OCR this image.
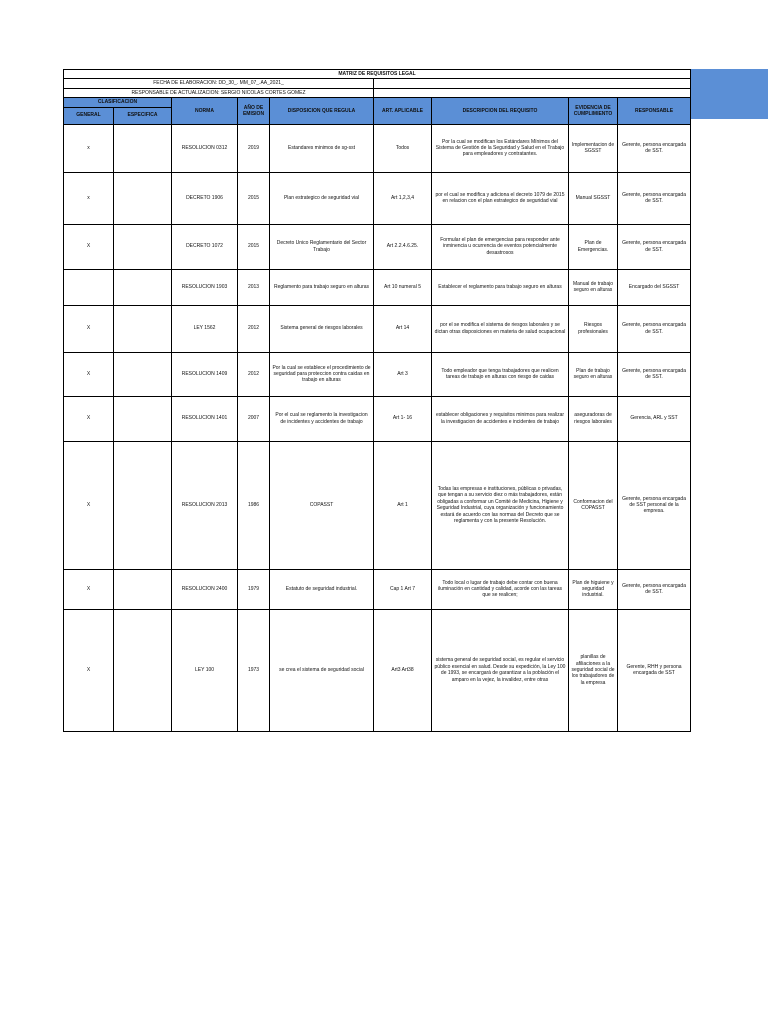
MATRIZ DE REQUISITOS LEGAL								
FECHA DE ELABORACION: DD_30_. MM_07_.AA_2021_								
RESPONSABLE DE ACTUALIZACION: SERGIO NICOLAS CORTES GOMEZ								
CLASIFICACION		NORMA	AÑO DE EMISION	DISPOSICION QUE REGULA	ART. APLICABLE	DESCRIPCION DEL REQUISITO	EVIDENCIA DE CUMPLIMIENTO	RESPONSABLE
GENERAL	ESPECIFICA							
x		RESOLUCION 0312	2019	Estandares minimos de sg-sst	Todos	Por la cual se modifican los Estándares Mínimos del Sistema de Gestión de la Seguridad y Salud en el Trabajo para empleadores y contratantes.	Implementacion de SGSST	Gerente, persona encargada de SST.
x		DECRETO 1906	2015	Plan estrategico de seguridad vial	Art 1,2,3,4	por el cual se modifica y adiciona el decreto 1079 de 2015 en relacion con el plan estrategico de seguridad vial	Manual SGSST	Gerente, persona encargada de SST.
X		DECRETO 1072	2015	Decreto Unico Reglamentario del Sector Trabajo	Art 2.2.4.6.25.	Formular el plan de emergencias para responder ante inminencia u ocurrencia de eventos potencialmente desastrosos	Plan de Emergencias.	Gerente, persona encargada de SST.
		RESOLUCION 1903	2013	Reglamento para trabajo seguro en alturas	Art 10 numeral 5	Establecer el reglamento para trabajo seguro en alturas	Manual de trabajo seguro en alturas	Encargado del SGSST
X		LEY 1562	2012	Sistema general de riesgos laborales	Art 14	por el se modifica el sistema de riesgos laborales y se dictan otras disposiciones en materia de salud ocupacional	Riesgos profesionales	Gerente, persona encargada de SST.
X		RESOLUCION 1409	2012	Por la cual se establece el procedimiento de seguridad para proteccion contra caidas en trabajo en alturas	Art 3	Todo empleador que tenga trabajadores que realicen tareas de trabajo en alturas con riesgo de caidas	Plan de trabajo seguro en alturas	Gerente, persona encargada de SST.
X		RESOLUCION 1401	2007	Por el cual se reglamento la investigacion de incidentes y accidentes de trabajo	Art 1- 16	establecer obligaciones y requisitos minimos para realizar la investigacion de accidentes e incidentes de trabajo	aseguradoras de riesgos laborales	Gerencia, ARL y SST
X		RESOLUCION 2013	1986	COPASST	Art 1	Todas las empresas e instituciones, públicas o privadas, que tengan a su servicio diez o más trabajadores, están obligadas a conformar un Comité de Medicina, Higiene y Seguridad Industrial, cuya organización y funcionamiento estará de acuerdo con las normas del Decreto que se reglamenta y con la presente Resolución.	Conformacion del COPASST	Gerente, persona encargada de SST personal de la empresa.
X		RESOLUCION 2400	1979	Estatuto de seguridad industrial.	Cap 1 Art 7	Todo local o lugar de trabajo debe contar con buena iluminación en cantidad y calidad, acorde con las tareas que se realicen;	Plan de higuiene y seguridad industrial.	Gerente, persona encargada de SST.
X		LEY 100	1973	se crea el sistema de seguridad social	Art3 Art38	sistema general de seguridad social, es regular el servicio público esencial en salud. Desde su expedición, la Ley 100 de 1993, se encargará de garantizar a la población el amparo en la vejez, la invalidez, entre otras	planillas de afiliaciones a la seguridad social de los trabajadores de la empresa	Gerente, RHH y persona encargada de SST
